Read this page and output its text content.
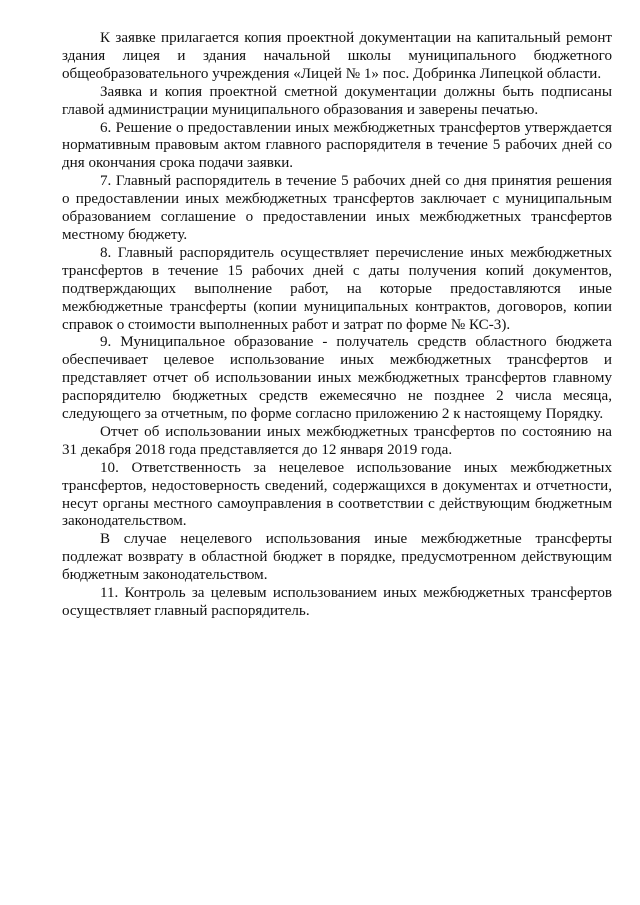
К заявке прилагается копия проектной документации на капитальный ремонт здания лицея и здания начальной школы муниципального бюджетного общеобразовательного учреждения «Лицей № 1» пос. Добринка Липецкой области.

Заявка и копия проектной сметной документации должны быть подписаны главой администрации муниципального образования и заверены печатью.

6. Решение о предоставлении иных межбюджетных трансфертов утверждается нормативным правовым актом главного распорядителя в течение 5 рабочих дней со дня окончания срока подачи заявки.

7. Главный распорядитель в течение 5 рабочих дней со дня принятия решения о предоставлении иных межбюджетных трансфертов заключает с муниципальным образованием соглашение о предоставлении иных межбюджетных трансфертов местному бюджету.

8. Главный распорядитель осуществляет перечисление иных межбюджетных трансфертов в течение 15 рабочих дней с даты получения копий документов, подтверждающих выполнение работ, на которые предоставляются иные межбюджетные трансферты (копии муниципальных контрактов, договоров, копии справок о стоимости выполненных работ и затрат по форме № КС-3).

9. Муниципальное образование - получатель средств областного бюджета обеспечивает целевое использование иных межбюджетных трансфертов и представляет отчет об использовании иных межбюджетных трансфертов главному распорядителю бюджетных средств ежемесячно не позднее 2 числа месяца, следующего за отчетным, по форме согласно приложению 2 к настоящему Порядку.

Отчет об использовании иных межбюджетных трансфертов по состоянию на 31 декабря 2018 года представляется до 12 января 2019 года.

10. Ответственность за нецелевое использование иных межбюджетных трансфертов, недостоверность сведений, содержащихся в документах и отчетности, несут органы местного самоуправления в соответствии с действующим бюджетным законодательством.

В случае нецелевого использования иные межбюджетные трансферты подлежат возврату в областной бюджет в порядке, предусмотренном действующим бюджетным законодательством.

11. Контроль за целевым использованием иных межбюджетных трансфертов осуществляет главный распорядитель.
